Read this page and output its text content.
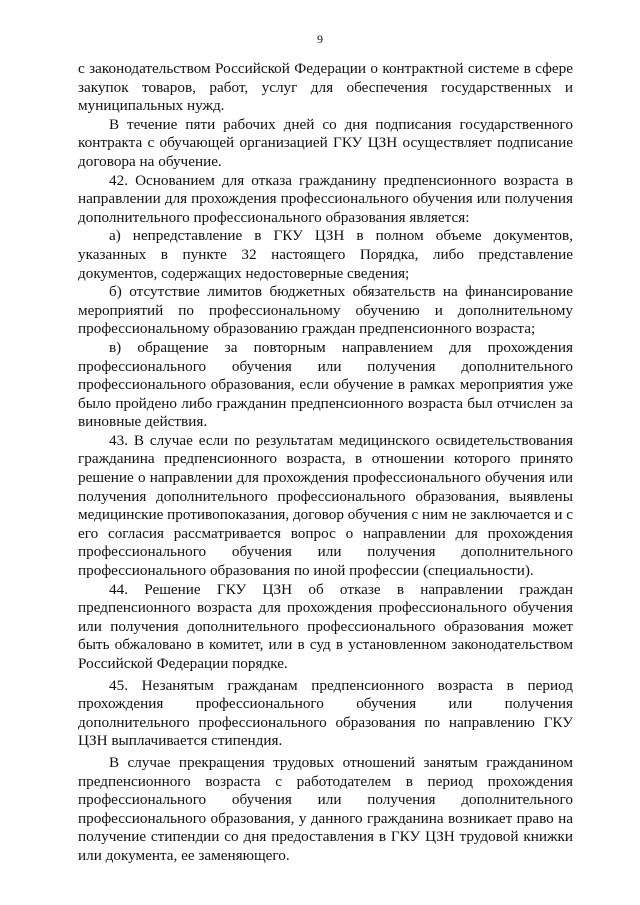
9

с законодательством Российской Федерации о контрактной системе в сфере закупок товаров, работ, услуг для обеспечения государственных и муниципальных нужд.

В течение пяти рабочих дней со дня подписания государственного контракта с обучающей организацией ГКУ ЦЗН осуществляет подписание договора на обучение.

42. Основанием для отказа гражданину предпенсионного возраста в направлении для прохождения профессионального обучения или получения дополнительного профессионального образования является:

а) непредставление в ГКУ ЦЗН в полном объеме документов, указанных в пункте 32 настоящего Порядка, либо представление документов, содержащих недостоверные сведения;

б) отсутствие лимитов бюджетных обязательств на финансирование мероприятий по профессиональному обучению и дополнительному профессиональному образованию граждан предпенсионного возраста;

в) обращение за повторным направлением для прохождения профессионального обучения или получения дополнительного профессионального образования, если обучение в рамках мероприятия уже было пройдено либо гражданин предпенсионного возраста был отчислен за виновные действия.

43. В случае если по результатам медицинского освидетельствования гражданина предпенсионного возраста, в отношении которого принято решение о направлении для прохождения профессионального обучения или получения дополнительного профессионального образования, выявлены медицинские противопоказания, договор обучения с ним не заключается и с его согласия рассматривается вопрос о направлении для прохождения профессионального обучения или получения дополнительного профессионального образования по иной профессии (специальности).

44. Решение ГКУ ЦЗН об отказе в направлении граждан предпенсионного возраста для прохождения профессионального обучения или получения дополнительного профессионального образования может быть обжаловано в комитет, или в суд в установленном законодательством Российской Федерации порядке.

45. Незанятым гражданам предпенсионного возраста в период прохождения профессионального обучения или получения дополнительного профессионального образования по направлению ГКУ ЦЗН выплачивается стипендия.

В случае прекращения трудовых отношений занятым гражданином предпенсионного возраста с работодателем в период прохождения профессионального обучения или получения дополнительного профессионального образования, у данного гражданина возникает право на получение стипендии со дня предоставления в ГКУ ЦЗН трудовой книжки или документа, ее заменяющего.
